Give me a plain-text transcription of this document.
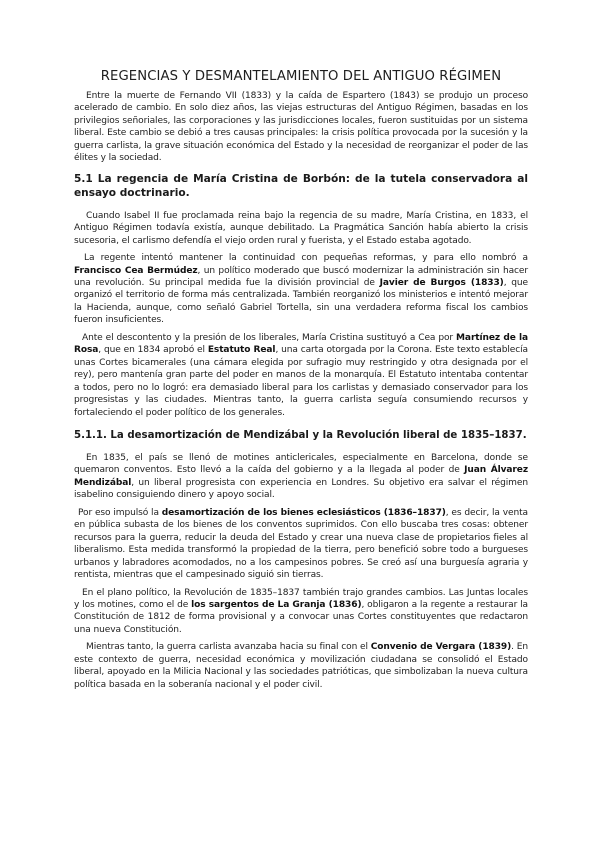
REGENCIAS Y DESMANTELAMIENTO DEL ANTIGUO RÉGIMEN

Entre la muerte de Fernando VII (1833) y la caída de Espartero (1843) se produjo un proceso acelerado de cambio. En solo diez años, las viejas estructuras del Antiguo Régimen, basadas en los privilegios señoriales, las corporaciones y las jurisdicciones locales, fueron sustituidas por un sistema liberal. Este cambio se debió a tres causas principales: la crisis política provocada por la sucesión y la guerra carlista, la grave situación económica del Estado y la necesidad de reorganizar el poder de las élites y la sociedad.

5.1 La regencia de María Cristina de Borbón: de la tutela conservadora al ensayo doctrinario.

Cuando Isabel II fue proclamada reina bajo la regencia de su madre, María Cristina, en 1833, el Antiguo Régimen todavía existía, aunque debilitado. La Pragmática Sanción había abierto la crisis sucesoria, el carlismo defendía el viejo orden rural y fuerista, y el Estado estaba agotado.

La regente intentó mantener la continuidad con pequeñas reformas, y para ello nombró a Francisco Cea Bermúdez, un político moderado que buscó modernizar la administración sin hacer una revolución. Su principal medida fue la división provincial de Javier de Burgos (1833), que organizó el territorio de forma más centralizada. También reorganizó los ministerios e intentó mejorar la Hacienda, aunque, como señaló Gabriel Tortella, sin una verdadera reforma fiscal los cambios fueron insuficientes.

Ante el descontento y la presión de los liberales, María Cristina sustituyó a Cea por Martínez de la Rosa, que en 1834 aprobó el Estatuto Real, una carta otorgada por la Corona. Este texto establecía unas Cortes bicamerales (una cámara elegida por sufragio muy restringido y otra designada por el rey), pero mantenía gran parte del poder en manos de la monarquía. El Estatuto intentaba contentar a todos, pero no lo logró: era demasiado liberal para los carlistas y demasiado conservador para los progresistas y las ciudades. Mientras tanto, la guerra carlista seguía consumiendo recursos y fortaleciendo el poder político de los generales.

5.1.1. La desamortización de Mendizábal y la Revolución liberal de 1835–1837.

En 1835, el país se llenó de motines anticlericales, especialmente en Barcelona, donde se quemaron conventos. Esto llevó a la caída del gobierno y a la llegada al poder de Juan Álvarez Mendizábal, un liberal progresista con experiencia en Londres. Su objetivo era salvar el régimen isabelino consiguiendo dinero y apoyo social.

Por eso impulsó la desamortización de los bienes eclesiásticos (1836–1837), es decir, la venta en pública subasta de los bienes de los conventos suprimidos. Con ello buscaba tres cosas: obtener recursos para la guerra, reducir la deuda del Estado y crear una nueva clase de propietarios fieles al liberalismo. Esta medida transformó la propiedad de la tierra, pero benefició sobre todo a burgueses urbanos y labradores acomodados, no a los campesinos pobres. Se creó así una burguesía agraria y rentista, mientras que el campesinado siguió sin tierras.

En el plano político, la Revolución de 1835–1837 también trajo grandes cambios. Las Juntas locales y los motines, como el de los sargentos de La Granja (1836), obligaron a la regente a restaurar la Constitución de 1812 de forma provisional y a convocar unas Cortes constituyentes que redactaron una nueva Constitución.

Mientras tanto, la guerra carlista avanzaba hacia su final con el Convenio de Vergara (1839). En este contexto de guerra, necesidad económica y movilización ciudadana se consolidó el Estado liberal, apoyado en la Milicia Nacional y las sociedades patrióticas, que simbolizaban la nueva cultura política basada en la soberanía nacional y el poder civil.
